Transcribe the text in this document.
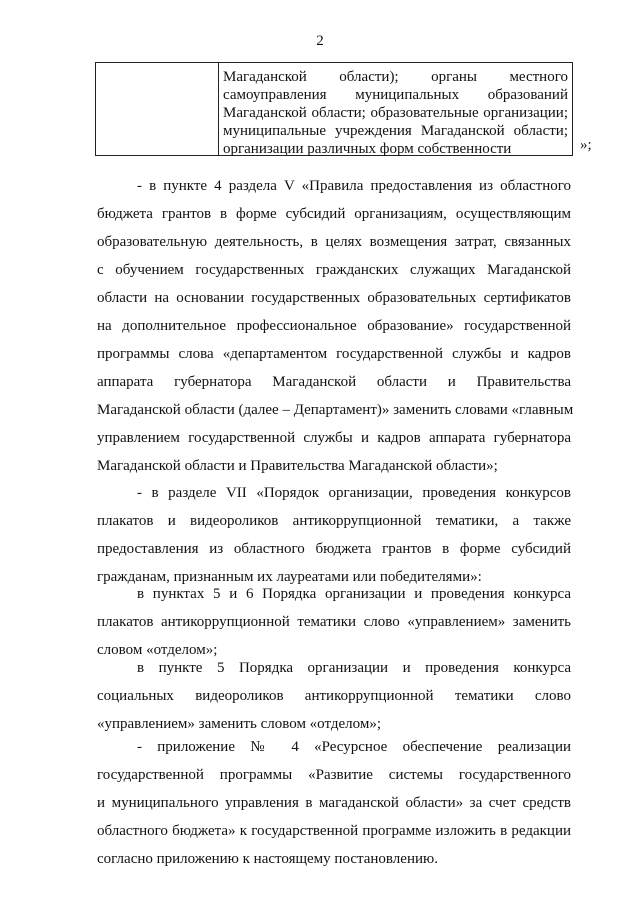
2
Магаданской области); органы местного
самоуправления муниципальных образований
Магаданской области; образовательные организации;
муниципальные учреждения Магаданской области;
организации различных форм собственности	»;
- в пункте 4 раздела V «Правила предоставления из областного
бюджета грантов в форме субсидий организациям, осуществляющим
образовательную деятельность, в целях возмещения затрат, связанных
с обучением государственных гражданских служащих Магаданской
области на основании государственных образовательных сертификатов
на дополнительное профессиональное образование» государственной
программы слова «департаментом государственной службы и кадров
аппарата губернатора Магаданской области и Правительства
Магаданской области (далее – Департамент)» заменить словами «главным
управлением государственной службы и кадров аппарата губернатора
Магаданской области и Правительства Магаданской области»;
- в разделе VII «Порядок организации, проведения конкурсов
плакатов и видеороликов антикоррупционной тематики, а также
предоставления из областного бюджета грантов в форме субсидий
гражданам, признанным их лауреатами или победителями»:
в пунктах 5 и 6 Порядка организации и проведения конкурса
плакатов антикоррупционной тематики слово «управлением» заменить
словом «отделом»;
в пункте 5 Порядка организации и проведения конкурса
социальных видеороликов антикоррупционной тематики слово
«управлением» заменить словом «отделом»;
- приложение № 4 «Ресурсное обеспечение реализации
государственной программы «Развитие системы государственного
и муниципального управления в магаданской области» за счет средств
областного бюджета» к государственной программе изложить в редакции
согласно приложению к настоящему постановлению.
